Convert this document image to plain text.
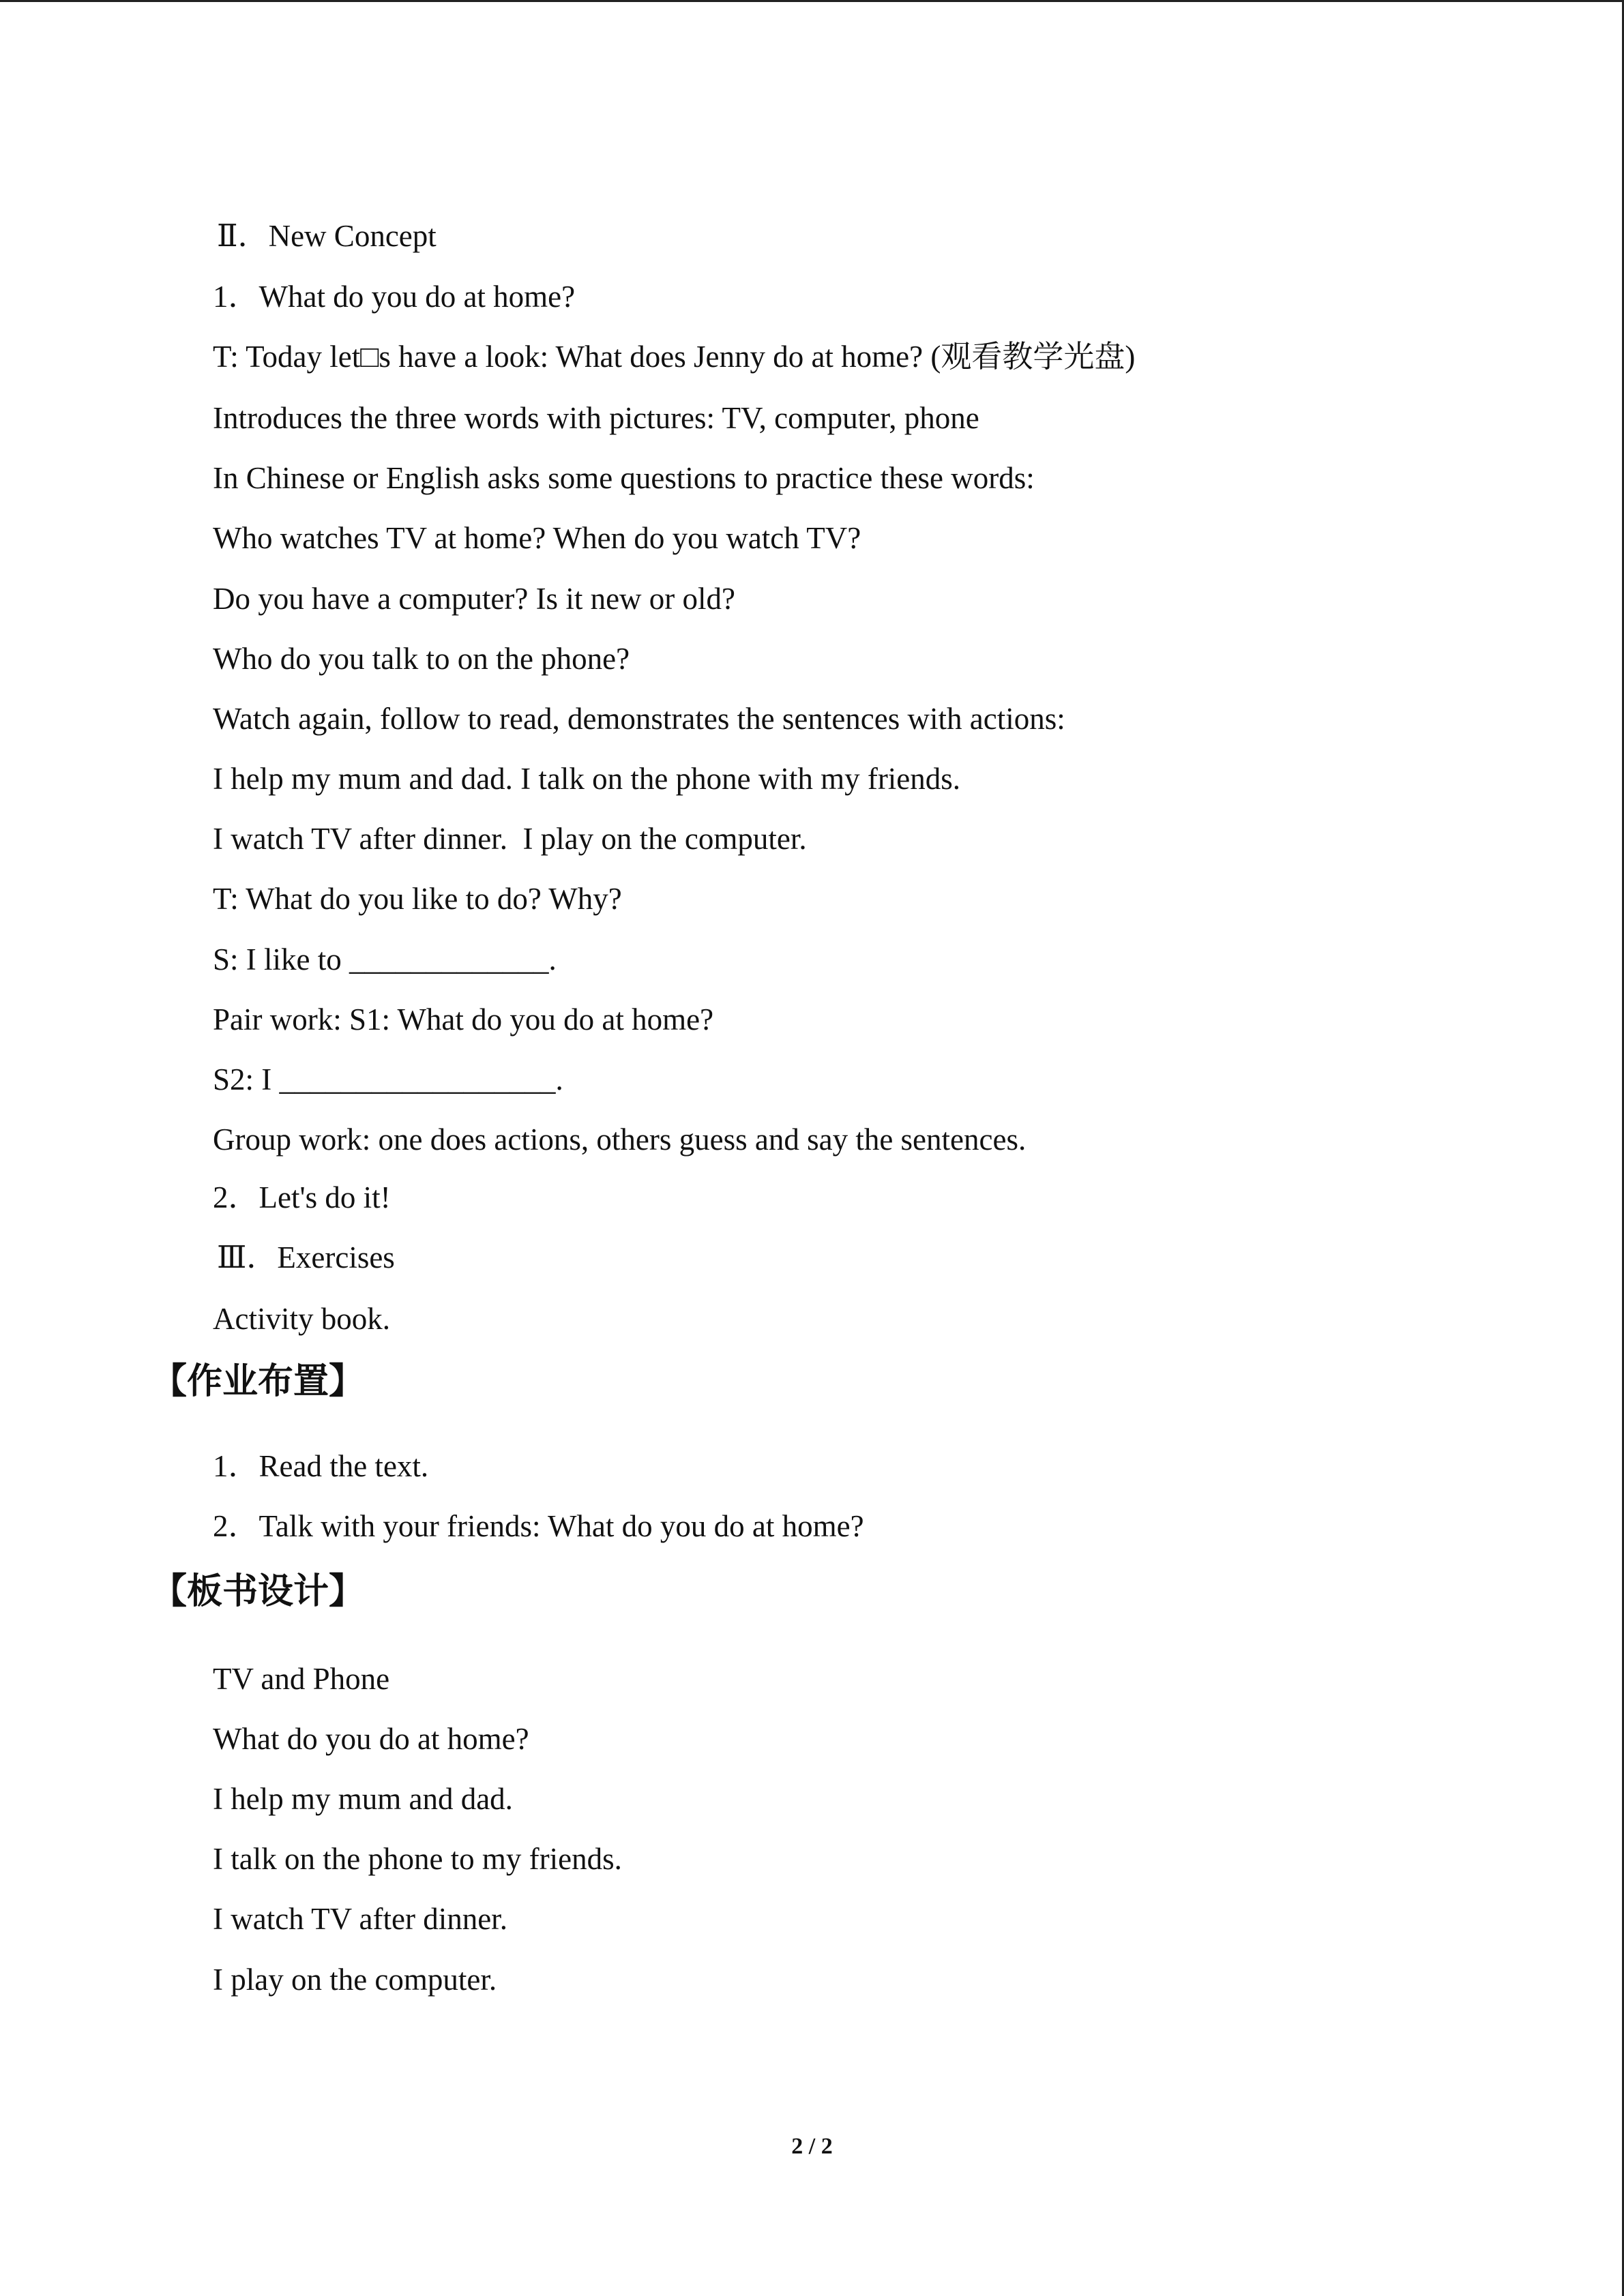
Ⅱ．New Concept
1．What do you do at home?
T: Today let□s have a look: What does Jenny do at home? (观看教学光盘)
Introduces the three words with pictures: TV, computer, phone
In Chinese or English asks some questions to practice these words:
Who watches TV at home? When do you watch TV?
Do you have a computer? Is it new or old?
Who do you talk to on the phone?
Watch again, follow to read, demonstrates the sentences with actions:
I help my mum and dad. I talk on the phone with my friends.
I watch TV after dinner.  I play on the computer.
T: What do you like to do? Why?
S: I like to _____________.
Pair work: S1: What do you do at home?
S2: I __________________.
Group work: one does actions, others guess and say the sentences.
2．Let's do it!
Ⅲ．Exercises
Activity book.
【作业布置】
1．Read the text.
2．Talk with your friends: What do you do at home?
【板书设计】
TV and Phone
What do you do at home?
I help my mum and dad.
I talk on the phone to my friends.
I watch TV after dinner.
I play on the computer.
2 / 2
